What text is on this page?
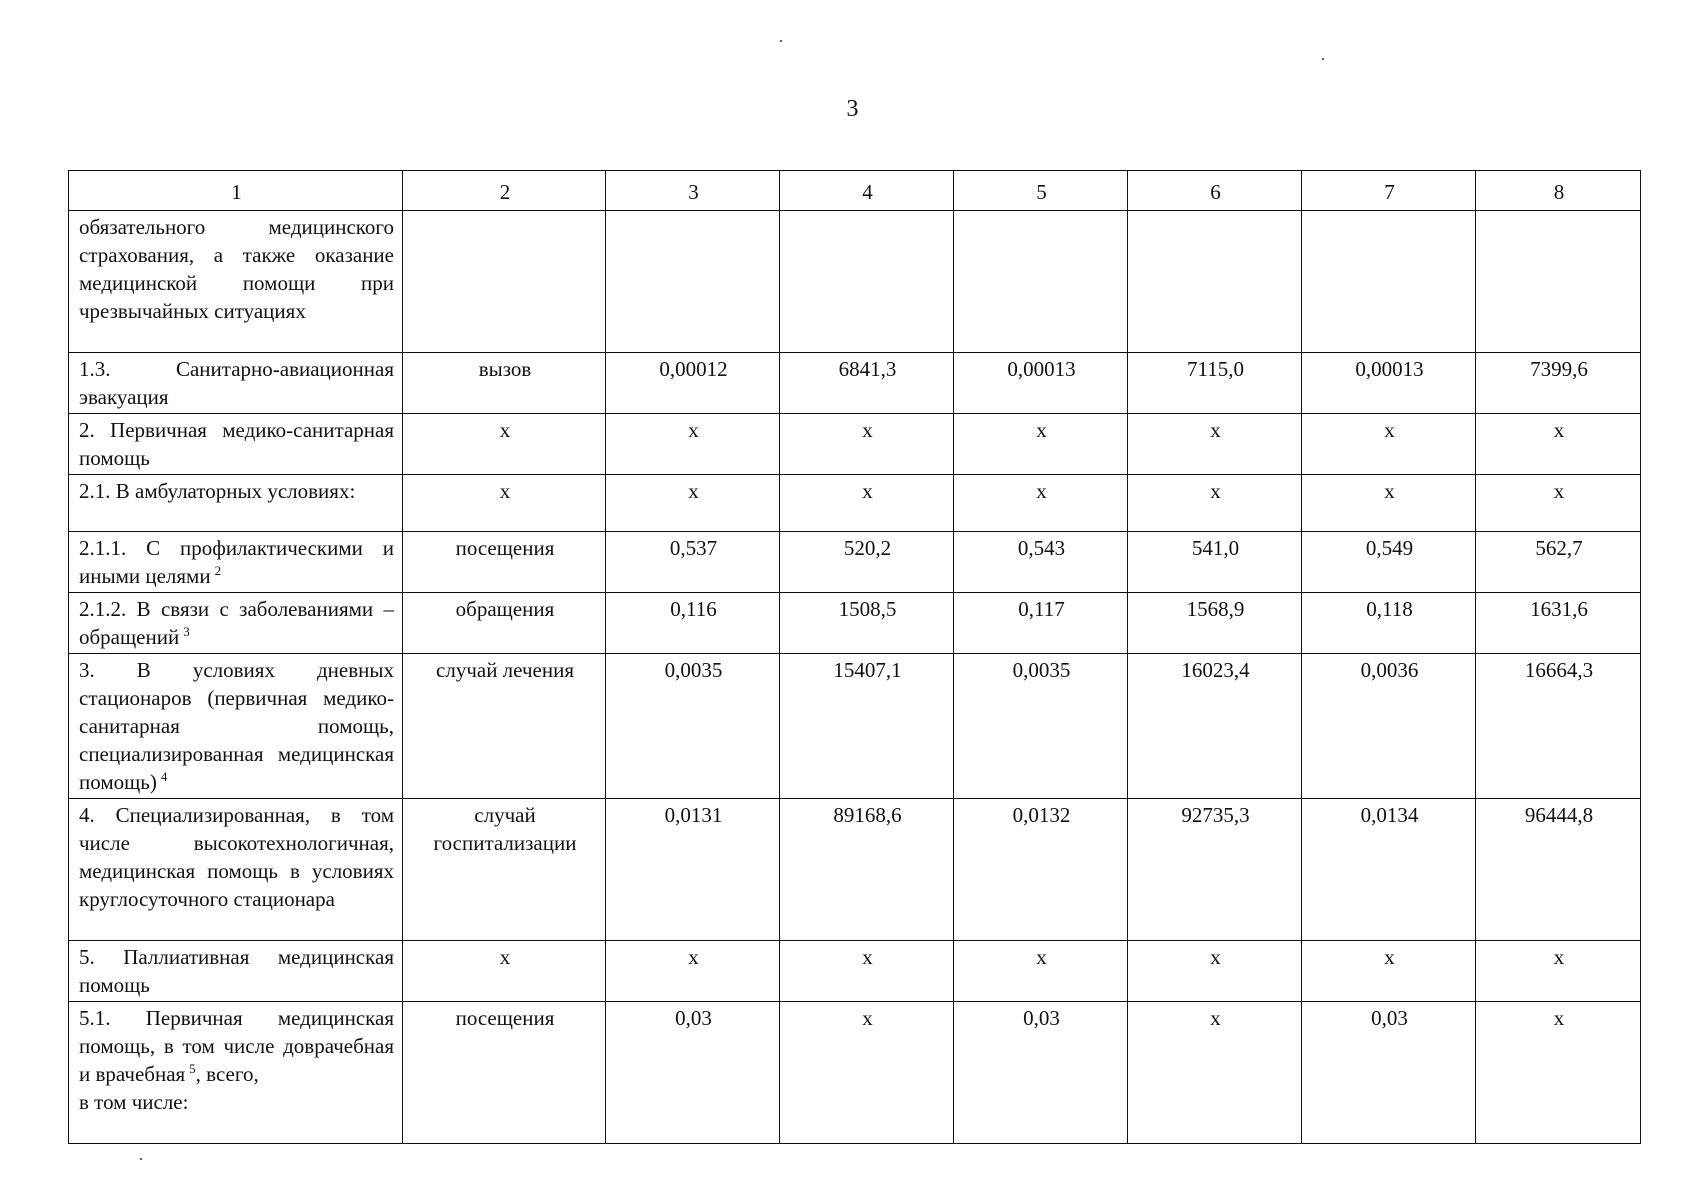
3
1	2	3	4	5	6	7	8
обязательного медицинского страхования, а также оказание медицинской помощи при чрезвычайных ситуациях							
1.3. Санитарно-авиационная эвакуация	вызов	0,00012	6841,3	0,00013	7115,0	0,00013	7399,6
2. Первичная медико-санитарная помощь	х	х	х	х	х	х	х
2.1. В амбулаторных условиях:	х	х	х	х	х	х	х
2.1.1. С профилактическими и иными целями $^2$	посещения	0,537	520,2	0,543	541,0	0,549	562,7
2.1.2. В связи с заболеваниями – обращений $^3$	обращения	0,116	1508,5	0,117	1568,9	0,118	1631,6
3. В условиях дневных стационаров (первичная медико-санитарная помощь, специализированная медицинская помощь) $^4$	случай лечения	0,0035	15407,1	0,0035	16023,4	0,0036	16664,3
4. Специализированная, в том числе высокотехнологичная, медицинская помощь в условиях круглосуточного стационара	случай госпитализации	0,0131	89168,6	0,0132	92735,3	0,0134	96444,8
5. Паллиативная медицинская помощь	х	х	х	х	х	х	х
5.1. Первичная медицинская помощь, в том числе доврачебная и врачебная $^5$, всего,
в том числе:	посещения	0,03	х	0,03	х	0,03	х
